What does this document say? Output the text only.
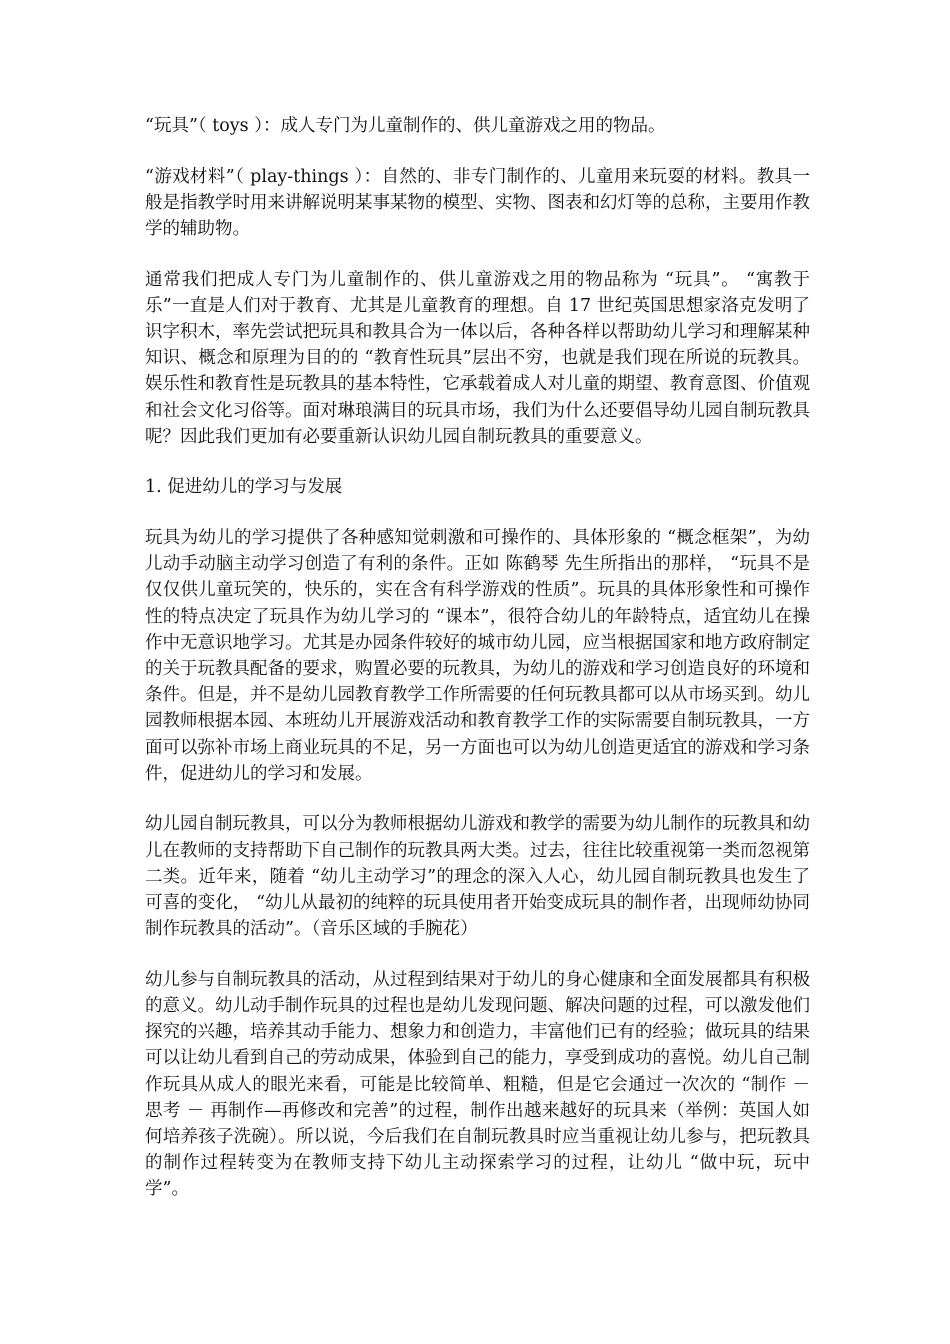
“玩具”（ toys ）：成人专门为儿童制作的、供儿童游戏之用的物品。

“游戏材料”（ play-things ）：自然的、非专门制作的、儿童用来玩耍的材料。教具一般是指教学时用来讲解说明某事某物的模型、实物、图表和幻灯等的总称，主要用作教学的辅助物。

通常我们把成人专门为儿童制作的、供儿童游戏之用的物品称为 “玩具”。 “寓教于乐”一直是人们对于教育、尤其是儿童教育的理想。自 17 世纪英国思想家洛克发明了识字积木，率先尝试把玩具和教具合为一体以后，各种各样以帮助幼儿学习和理解某种知识、概念和原理为目的的 “教育性玩具”层出不穷，也就是我们现在所说的玩教具。娱乐性和教育性是玩教具的基本特性，它承载着成人对儿童的期望、教育意图、价值观和社会文化习俗等。面对琳琅满目的玩具市场，我们为什么还要倡导幼儿园自制玩教具呢？因此我们更加有必要重新认识幼儿园自制玩教具的重要意义。

1. 促进幼儿的学习与发展

玩具为幼儿的学习提供了各种感知觉刺激和可操作的、具体形象的 “概念框架”，为幼儿动手动脑主动学习创造了有利的条件。正如 陈鹤琴 先生所指出的那样， “玩具不是仅仅供儿童玩笑的，快乐的，实在含有科学游戏的性质”。玩具的具体形象性和可操作性的特点决定了玩具作为幼儿学习的 “课本”，很符合幼儿的年龄特点，适宜幼儿在操作中无意识地学习。尤其是办园条件较好的城市幼儿园，应当根据国家和地方政府制定的关于玩教具配备的要求，购置必要的玩教具，为幼儿的游戏和学习创造良好的环境和条件。但是，并不是幼儿园教育教学工作所需要的任何玩教具都可以从市场买到。幼儿园教师根据本园、本班幼儿开展游戏活动和教育教学工作的实际需要自制玩教具，一方面可以弥补市场上商业玩具的不足，另一方面也可以为幼儿创造更适宜的游戏和学习条件，促进幼儿的学习和发展。

幼儿园自制玩教具，可以分为教师根据幼儿游戏和教学的需要为幼儿制作的玩教具和幼儿在教师的支持帮助下自己制作的玩教具两大类。过去，往往比较重视第一类而忽视第二类。近年来，随着 “幼儿主动学习”的理念的深入人心，幼儿园自制玩教具也发生了可喜的变化， “幼儿从最初的纯粹的玩具使用者开始变成玩具的制作者，出现师幼协同制作玩教具的活动”。（音乐区域的手腕花）

幼儿参与自制玩教具的活动，从过程到结果对于幼儿的身心健康和全面发展都具有积极的意义。幼儿动手制作玩具的过程也是幼儿发现问题、解决问题的过程，可以激发他们探究的兴趣，培养其动手能力、想象力和创造力，丰富他们已有的经验；做玩具的结果可以让幼儿看到自己的劳动成果，体验到自己的能力，享受到成功的喜悦。幼儿自己制作玩具从成人的眼光来看，可能是比较简单、粗糙，但是它会通过一次次的 “制作 － 思考 － 再制作—再修改和完善”的过程，制作出越来越好的玩具来（举例：英国人如何培养孩子洗碗）。所以说，今后我们在自制玩教具时应当重视让幼儿参与，把玩教具的制作过程转变为在教师支持下幼儿主动探索学习的过程，让幼儿 “做中玩，玩中学”。
